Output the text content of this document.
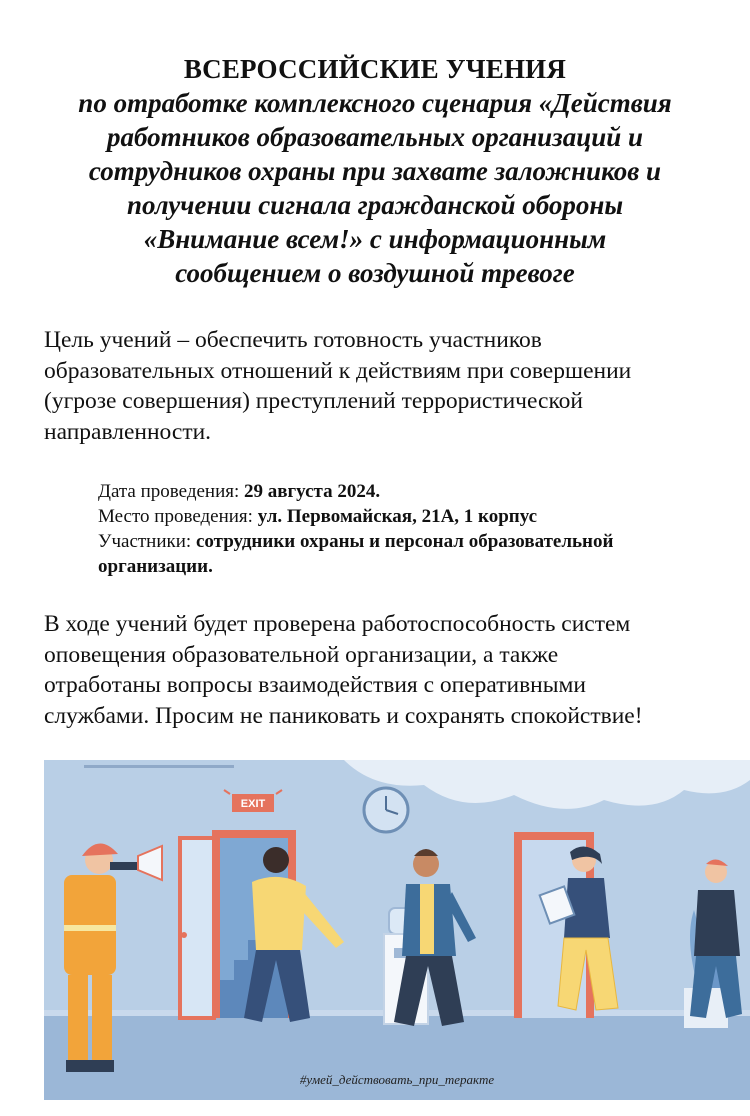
ВСЕРОССИЙСКИЕ УЧЕНИЯ
по отработке комплексного сценария «Действия
работников образовательных организаций и
сотрудников охраны при захвате заложников и
получении сигнала гражданской обороны
«Внимание всем!» с информационным
сообщением о воздушной тревоге
Цель учений – обеспечить готовность участников
образовательных отношений к действиям при совершении
(угрозе совершения) преступлений террористической
направленности.
Дата проведения: 29 августа 2024.
Место проведения: ул. Первомайская, 21А, 1 корпус
Участники: сотрудники охраны и персонал образовательной
организации.
В ходе учений будет проверена работоспособность систем
оповещения образовательной организации, а также
отработаны вопросы взаимодействия с оперативными
службами. Просим не паниковать и сохранять спокойствие!
EXIT
#умей_действовать_при_теракте
